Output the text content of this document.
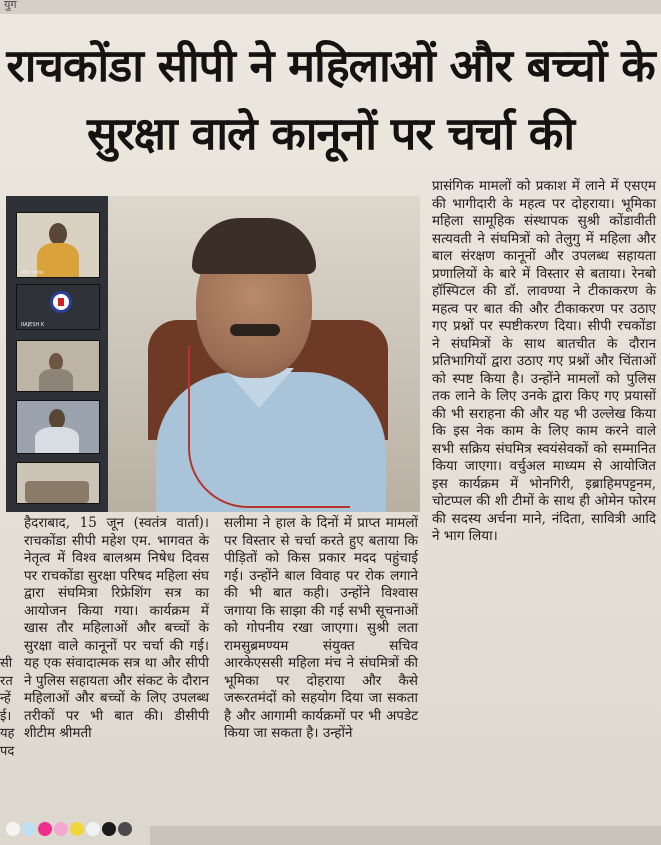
युग
राचकोंडा सीपी ने महिलाओं और बच्चों के
सुरक्षा वाले कानूनों पर चर्चा की
महेश भगवत
RAJESH K

प्रासंगिक मामलों को प्रकाश में लाने में एसएम की भागीदारी के महत्व पर दोहराया। भूमिका महिला सामूहिक संस्थापक सुश्री कोंडावीती सत्यवती ने संघमित्रों को तेलुगु में महिला और बाल संरक्षण कानूनों और उपलब्ध सहायता प्रणालियों के बारे में विस्तार से बताया। रेनबो हॉस्पिटल की डॉ. लावण्या ने टीकाकरण के महत्व पर बात की और टीकाकरण पर उठाए गए प्रश्नों पर स्पष्टीकरण दिया। सीपी रचकोंडा ने संघमित्रों के साथ बातचीत के दौरान प्रतिभागियों द्वारा उठाए गए प्रश्नों और चिंताओं को स्पष्ट किया है। उन्होंने मामलों को पुलिस तक लाने के लिए उनके द्वारा किए गए प्रयासों की भी सराहना की और यह भी उल्लेख किया कि इस नेक काम के लिए काम करने वाले सभी सक्रिय संघमित्र स्वयंसेवकों को सम्मानित किया जाएगा। वर्चुअल माध्यम से आयोजित इस कार्यक्रम में भोनगिरी, इब्राहिमपट्टनम, चोटप्पल की शी टीमों के साथ ही ओमेन फोरम की सदस्य अर्चना माने, नंदिता, सावित्री आदि ने भाग लिया।

हैदराबाद, 15 जून (स्वतंत्र वार्ता)। राचकोंडा सीपी महेश एम. भागवत के नेतृत्व में विश्व बालश्रम निषेध दिवस पर राचकोंडा सुरक्षा परिषद महिला संघ द्वारा संघमित्रा रिफ्रेशिंग सत्र का आयोजन किया गया। कार्यक्रम में खास तौर महिलाओं और बच्चों के सुरक्षा वाले कानूनों पर चर्चा की गई। यह एक संवादात्मक सत्र था और सीपी ने पुलिस सहायता और संकट के दौरान महिलाओं और बच्चों के लिए उपलब्ध तरीकों पर भी बात की। डीसीपी शीटीम श्रीमती

सलीमा ने हाल के दिनों में प्राप्त मामलों पर विस्तार से चर्चा करते हुए बताया कि पीड़ितों को किस प्रकार मदद पहुंचाई गई। उन्होंने बाल विवाह पर रोक लगाने की भी बात कही। उन्होंने विश्वास जगाया कि साझा की गई सभी सूचनाओं को गोपनीय रखा जाएगा। सुश्री लता रामसुब्रमण्यम संयुक्त सचिव आरकेएससी महिला मंच ने संघमित्रों की भूमिका पर दोहराया और कैसे जरूरतमंदों को सहयोग दिया जा सकता है और आगामी कार्यक्रमों पर भी अपडेट किया जा सकता है। उन्होंने

सी
रत
न्हें
ई।
यह
पद
